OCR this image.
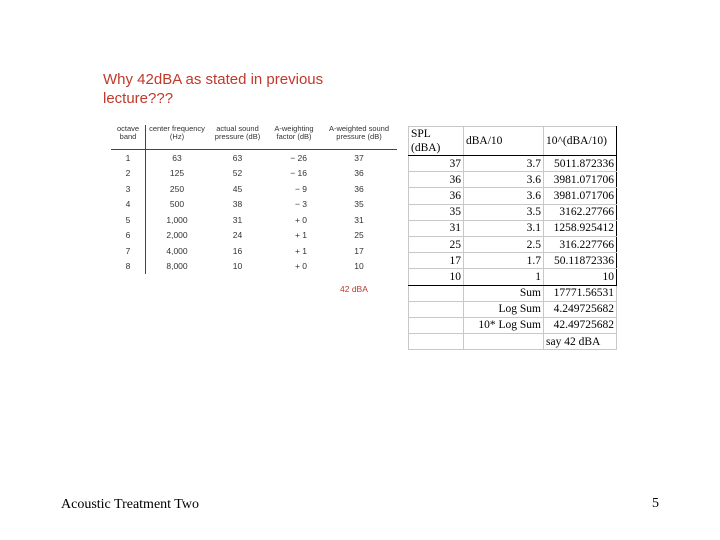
Why 42dBA as stated in previous lecture???
octave band	center frequency (Hz)	actual sound pressure (dB)	A-weighting factor (dB)	A-weighted sound pressure (dB)
1	63	63	− 26	37
2	125	52	− 16	36
3	250	45	− 9	36
4	500	38	− 3	35
5	1,000	31	+ 0	31
6	2,000	24	+ 1	25
7	4,000	16	+ 1	17
8	8,000	10	+ 0	10
42 dBA
SPL (dBA)	dBA/10	10^(dBA/10)
37	3.7	5011.872336
36	3.6	3981.071706
36	3.6	3981.071706
35	3.5	3162.27766
31	3.1	1258.925412
25	2.5	316.227766
17	1.7	50.11872336
10	1	10
	Sum	17771.56531
	Log Sum	4.249725682
	10* Log Sum	42.49725682
		say 42 dBA
Acoustic Treatment Two	5
